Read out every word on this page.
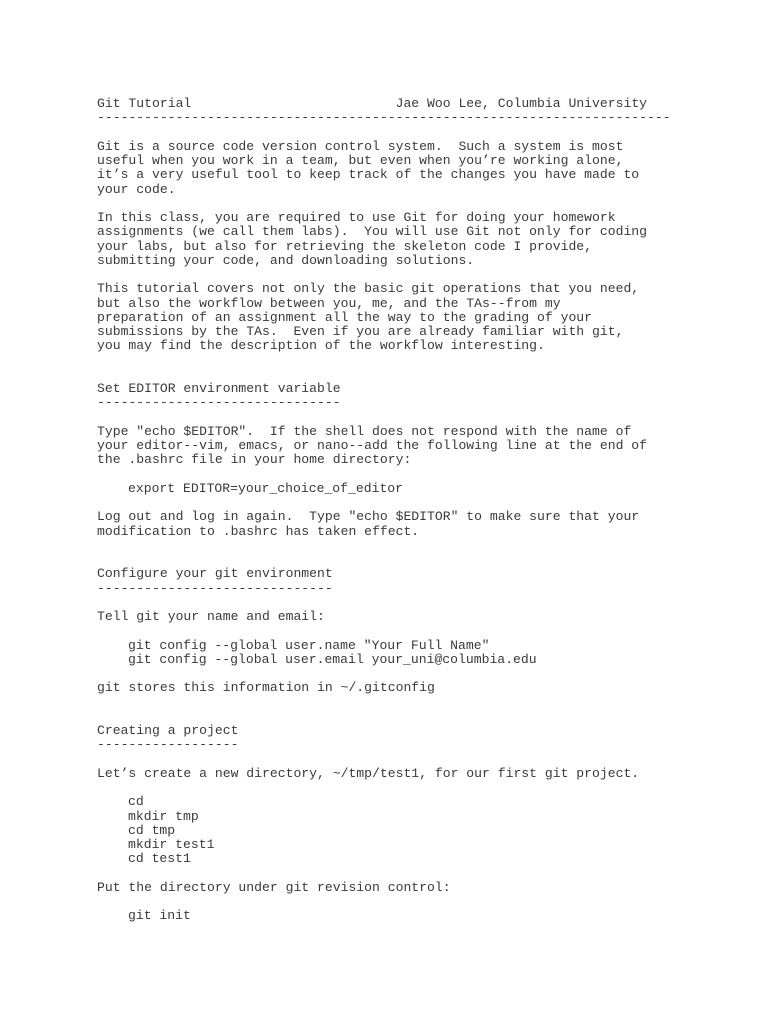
Git Tutorial	Jae Woo Lee, Columbia University
-------------------------------------------------------------------------
Git is a source code version control system.  Such a system is most
useful when you work in a team, but even when you’re working alone,
it’s a very useful tool to keep track of the changes you have made to
your code.
In this class, you are required to use Git for doing your homework
assignments (we call them labs).  You will use Git not only for coding
your labs, but also for retrieving the skeleton code I provide,
submitting your code, and downloading solutions.
This tutorial covers not only the basic git operations that you need,
but also the workflow between you, me, and the TAs--from my
preparation of an assignment all the way to the grading of your
submissions by the TAs.  Even if you are already familiar with git,
you may find the description of the workflow interesting.
Set EDITOR environment variable
-------------------------------
Type "echo $EDITOR".  If the shell does not respond with the name of
your editor--vim, emacs, or nano--add the following line at the end of
the .bashrc file in your home directory:
export EDITOR=your_choice_of_editor
Log out and log in again.  Type "echo $EDITOR" to make sure that your
modification to .bashrc has taken effect.
Configure your git environment
------------------------------
Tell git your name and email:
git config --global user.name "Your Full Name"
git config --global user.email your_uni@columbia.edu
git stores this information in ~/.gitconfig
Creating a project
------------------
Let’s create a new directory, ~/tmp/test1, for our first git project.
cd
mkdir tmp
cd tmp
mkdir test1
cd test1
Put the directory under git revision control:
git init
